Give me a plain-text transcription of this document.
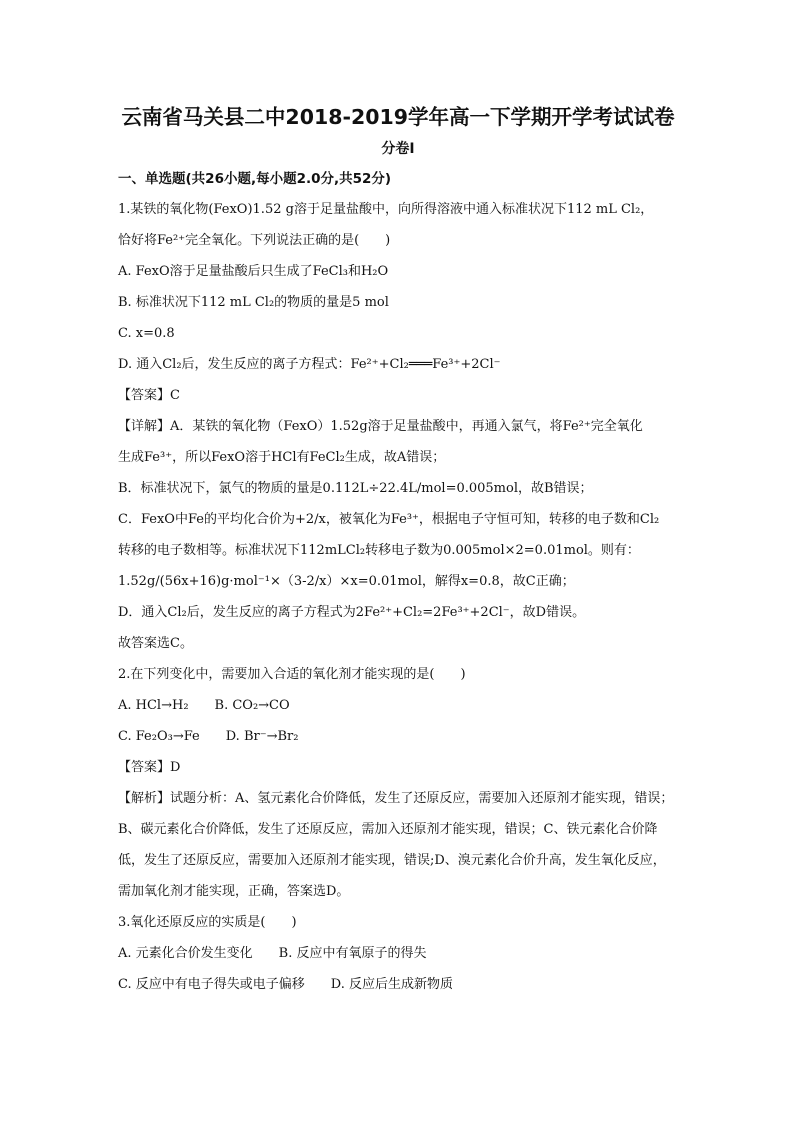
云南省马关县二中2018-2019学年高一下学期开学考试试卷
分卷I
一、单选题(共26小题,每小题2.0分,共52分)
1.某铁的氧化物(FexO)1.52 g溶于足量盐酸中，向所得溶液中通入标准状况下112 mL Cl₂，
恰好将Fe²⁺完全氧化。下列说法正确的是(　　)
A. FexO溶于足量盐酸后只生成了FeCl₃和H₂O
B. 标准状况下112 mL Cl₂的物质的量是5 mol
C. x=0.8
D. 通入Cl₂后，发生反应的离子方程式：Fe²⁺+Cl₂═══Fe³⁺+2Cl⁻
【答案】C
【详解】A．某铁的氧化物（FexO）1.52g溶于足量盐酸中，再通入氯气，将Fe²⁺完全氧化
生成Fe³⁺，所以FexO溶于HCl有FeCl₂生成，故A错误；
B．标准状况下，氯气的物质的量是0.112L÷22.4L/mol=0.005mol，故B错误；
C．FexO中Fe的平均化合价为+2/x，被氧化为Fe³⁺，根据电子守恒可知，转移的电子数和Cl₂
转移的电子数相等。标准状况下112mLCl₂转移电子数为0.005mol×2=0.01mol。则有：
1.52g/(56x+16)g·mol⁻¹×（3-2/x）×x=0.01mol，解得x=0.8，故C正确；
D．通入Cl₂后，发生反应的离子方程式为2Fe²⁺+Cl₂=2Fe³⁺+2Cl⁻，故D错误。
故答案选C。
2.在下列变化中，需要加入合适的氧化剂才能实现的是(　　)
A. HCl→H₂　　B. CO₂→CO
C. Fe₂O₃→Fe　　D. Br⁻→Br₂
【答案】D
【解析】试题分析：A、氢元素化合价降低，发生了还原反应，需要加入还原剂才能实现，错误；B、碳元素化合价降低，发生了还原反应，需加入还原剂才能实现，错误；C、铁元素化合价降低，发生了还原反应，需要加入还原剂才能实现，错误;D、溴元素化合价升高，发生氧化反应，需加氧化剂才能实现，正确，答案选D。
3.氧化还原反应的实质是(　　)
A. 元素化合价发生变化　　B. 反应中有氧原子的得失
C. 反应中有电子得失或电子偏移　　D. 反应后生成新物质
